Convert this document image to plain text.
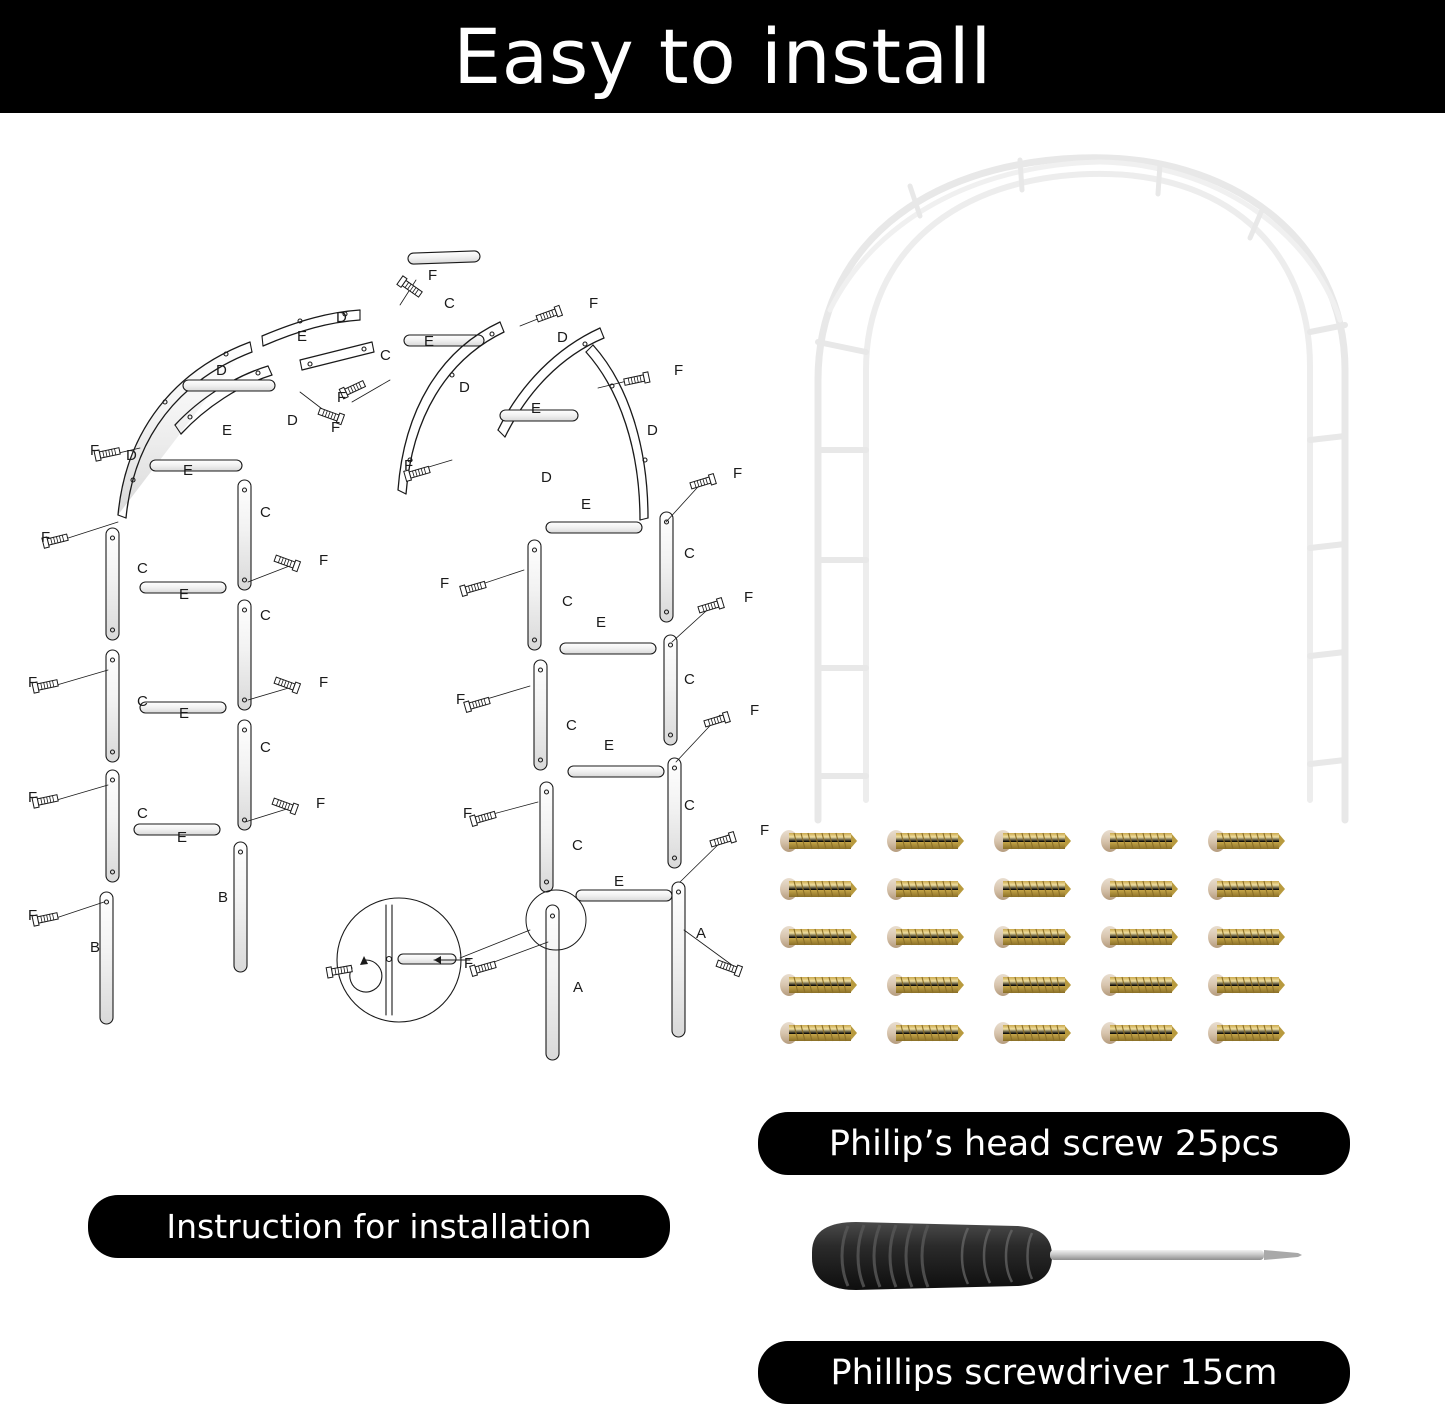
Easy to install
F
C	F
D
E	E	D
D
C
F
D
E
D
F
F
E
D
F D
E	D
F	F
F
C	E
C
C
F
E
C
F
C	F
E
F
C
F
E
C
C
F
C
F
E
F
C
F
E
C
F
C
F
E
F
B
B
A
A
F
Instruction for installation
Philip’s head screw 25pcs
Phillips screwdriver 15cm
